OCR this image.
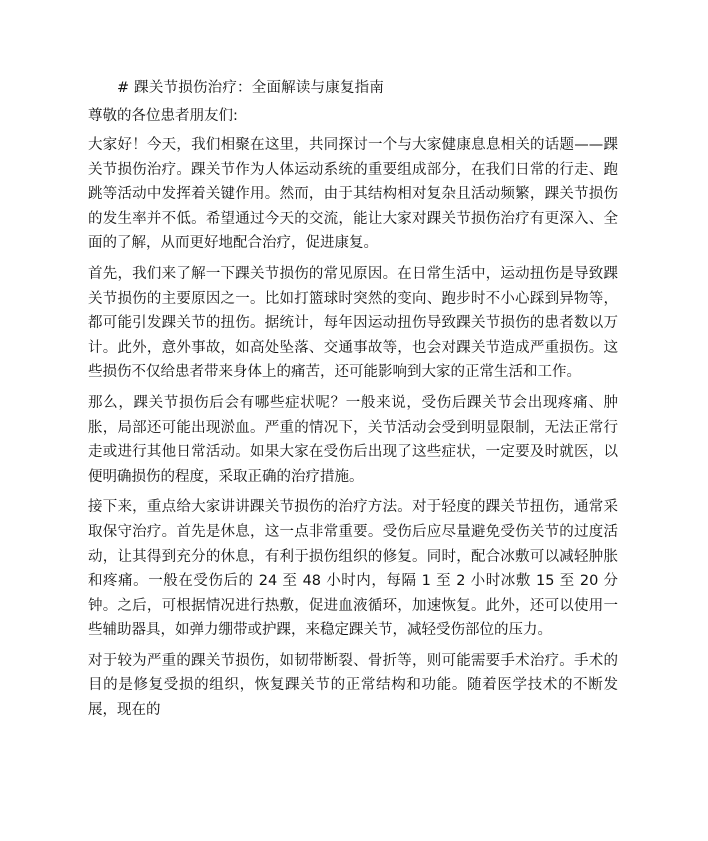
# 踝关节损伤治疗：全面解读与康复指南

尊敬的各位患者朋友们:

大家好！今天，我们相聚在这里，共同探讨一个与大家健康息息相关的话题——踝关节损伤治疗。踝关节作为人体运动系统的重要组成部分，在我们日常的行走、跑跳等活动中发挥着关键作用。然而，由于其结构相对复杂且活动频繁，踝关节损伤的发生率并不低。希望通过今天的交流，能让大家对踝关节损伤治疗有更深入、全面的了解，从而更好地配合治疗，促进康复。

首先，我们来了解一下踝关节损伤的常见原因。在日常生活中，运动扭伤是导致踝关节损伤的主要原因之一。比如打篮球时突然的变向、跑步时不小心踩到异物等，都可能引发踝关节的扭伤。据统计，每年因运动扭伤导致踝关节损伤的患者数以万计。此外，意外事故，如高处坠落、交通事故等，也会对踝关节造成严重损伤。这些损伤不仅给患者带来身体上的痛苦，还可能影响到大家的正常生活和工作。

那么，踝关节损伤后会有哪些症状呢？一般来说，受伤后踝关节会出现疼痛、肿胀，局部还可能出现淤血。严重的情况下，关节活动会受到明显限制，无法正常行走或进行其他日常活动。如果大家在受伤后出现了这些症状，一定要及时就医，以便明确损伤的程度，采取正确的治疗措施。

接下来，重点给大家讲讲踝关节损伤的治疗方法。对于轻度的踝关节扭伤，通常采取保守治疗。首先是休息，这一点非常重要。受伤后应尽量避免受伤关节的过度活动，让其得到充分的休息，有利于损伤组织的修复。同时，配合冰敷可以减轻肿胀和疼痛。一般在受伤后的 24 至 48 小时内，每隔 1 至 2 小时冰敷 15 至 20 分钟。之后，可根据情况进行热敷，促进血液循环，加速恢复。此外，还可以使用一些辅助器具，如弹力绷带或护踝，来稳定踝关节，减轻受伤部位的压力。

对于较为严重的踝关节损伤，如韧带断裂、骨折等，则可能需要手术治疗。手术的目的是修复受损的组织，恢复踝关节的正常结构和功能。随着医学技术的不断发展，现在的
